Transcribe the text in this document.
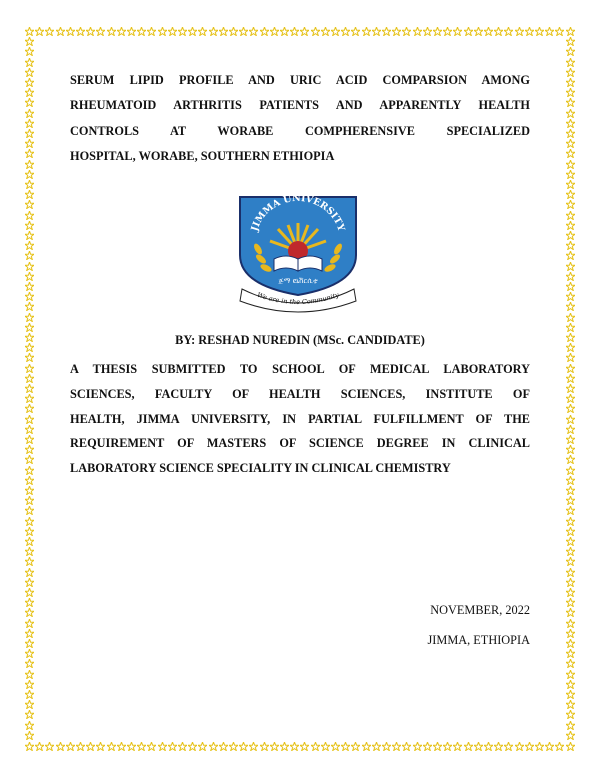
SERUM LIPID PROFILE AND URIC ACID COMPARSION AMONG
RHEUMATOID ARTHRITIS PATIENTS AND APPARENTLY HEALTH
CONTROLS AT WORABE COMPHERENSIVE SPECIALIZED
HOSPITAL, WORABE, SOUTHERN ETHIOPIA
JIMMA UNIVERSITY
ጅማ ዩኒቨርሲቲ
We are in the Community
BY: RESHAD NUREDIN (MSc. CANDIDATE)
A THESIS SUBMITTED TO SCHOOL OF MEDICAL LABORATORY
SCIENCES, FACULTY OF HEALTH SCIENCES, INSTITUTE OF
HEALTH, JIMMA UNIVERSITY, IN PARTIAL FULFILLMENT OF THE
REQUIREMENT OF MASTERS OF SCIENCE DEGREE IN CLINICAL
LABORATORY SCIENCE SPECIALITY IN CLINICAL CHEMISTRY
NOVEMBER, 2022
JIMMA, ETHIOPIA
